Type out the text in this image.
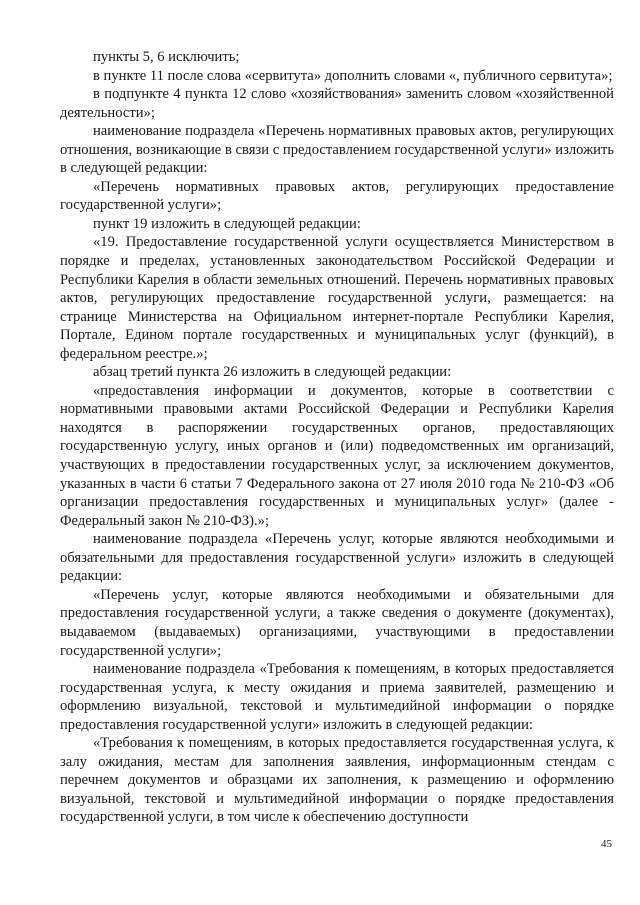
пункты 5, 6 исключить;

в пункте 11 после слова «сервитута» дополнить словами «, публичного сервитута»;

в подпункте 4 пункта 12 слово «хозяйствования» заменить словом «хозяйственной деятельности»;

наименование подраздела «Перечень нормативных правовых актов, регулирующих отношения, возникающие в связи с предоставлением государственной услуги» изложить в следующей редакции:

«Перечень нормативных правовых актов, регулирующих предоставление государственной услуги»;

пункт 19 изложить в следующей редакции:

«19. Предоставление государственной услуги осуществляется Министерством в порядке и пределах, установленных законодательством Российской Федерации и Республики Карелия в области земельных отношений. Перечень нормативных правовых актов, регулирующих предоставление государственной услуги, размещается: на странице Министерства на Официальном интернет-портале Республики Карелия, Портале, Едином портале государственных и муниципальных услуг (функций), в федеральном реестре.»;

абзац третий пункта 26 изложить в следующей редакции:

«предоставления информации и документов, которые в соответствии с нормативными правовыми актами Российской Федерации и Республики Карелия находятся в распоряжении государственных органов, предоставляющих государственную услугу, иных органов и (или) подведомственных им организаций, участвующих в предоставлении государственных услуг, за исключением документов, указанных в части 6 статьи 7 Федерального закона от 27 июля 2010 года № 210-ФЗ «Об организации предоставления государственных и муниципальных услуг» (далее - Федеральный закон № 210-ФЗ).»;

наименование подраздела «Перечень услуг, которые являются необходимыми и обязательными для предоставления государственной услуги» изложить в следующей редакции:

«Перечень услуг, которые являются необходимыми и обязательными для предоставления государственной услуги, а также сведения о документе (документах), выдаваемом (выдаваемых) организациями, участвующими в предоставлении государственной услуги»;

наименование подраздела «Требования к помещениям, в которых предоставляется государственная услуга, к месту ожидания и приема заявителей, размещению и оформлению визуальной, текстовой и мультимедийной информации о порядке предоставления государственной услуги» изложить в следующей редакции:

«Требования к помещениям, в которых предоставляется государственная услуга, к залу ожидания, местам для заполнения заявления, информационным стендам с перечнем документов и образцами их заполнения, к размещению и оформлению визуальной, текстовой и мультимедийной информации о порядке предоставления государственной услуги, в том числе к обеспечению доступности

45
